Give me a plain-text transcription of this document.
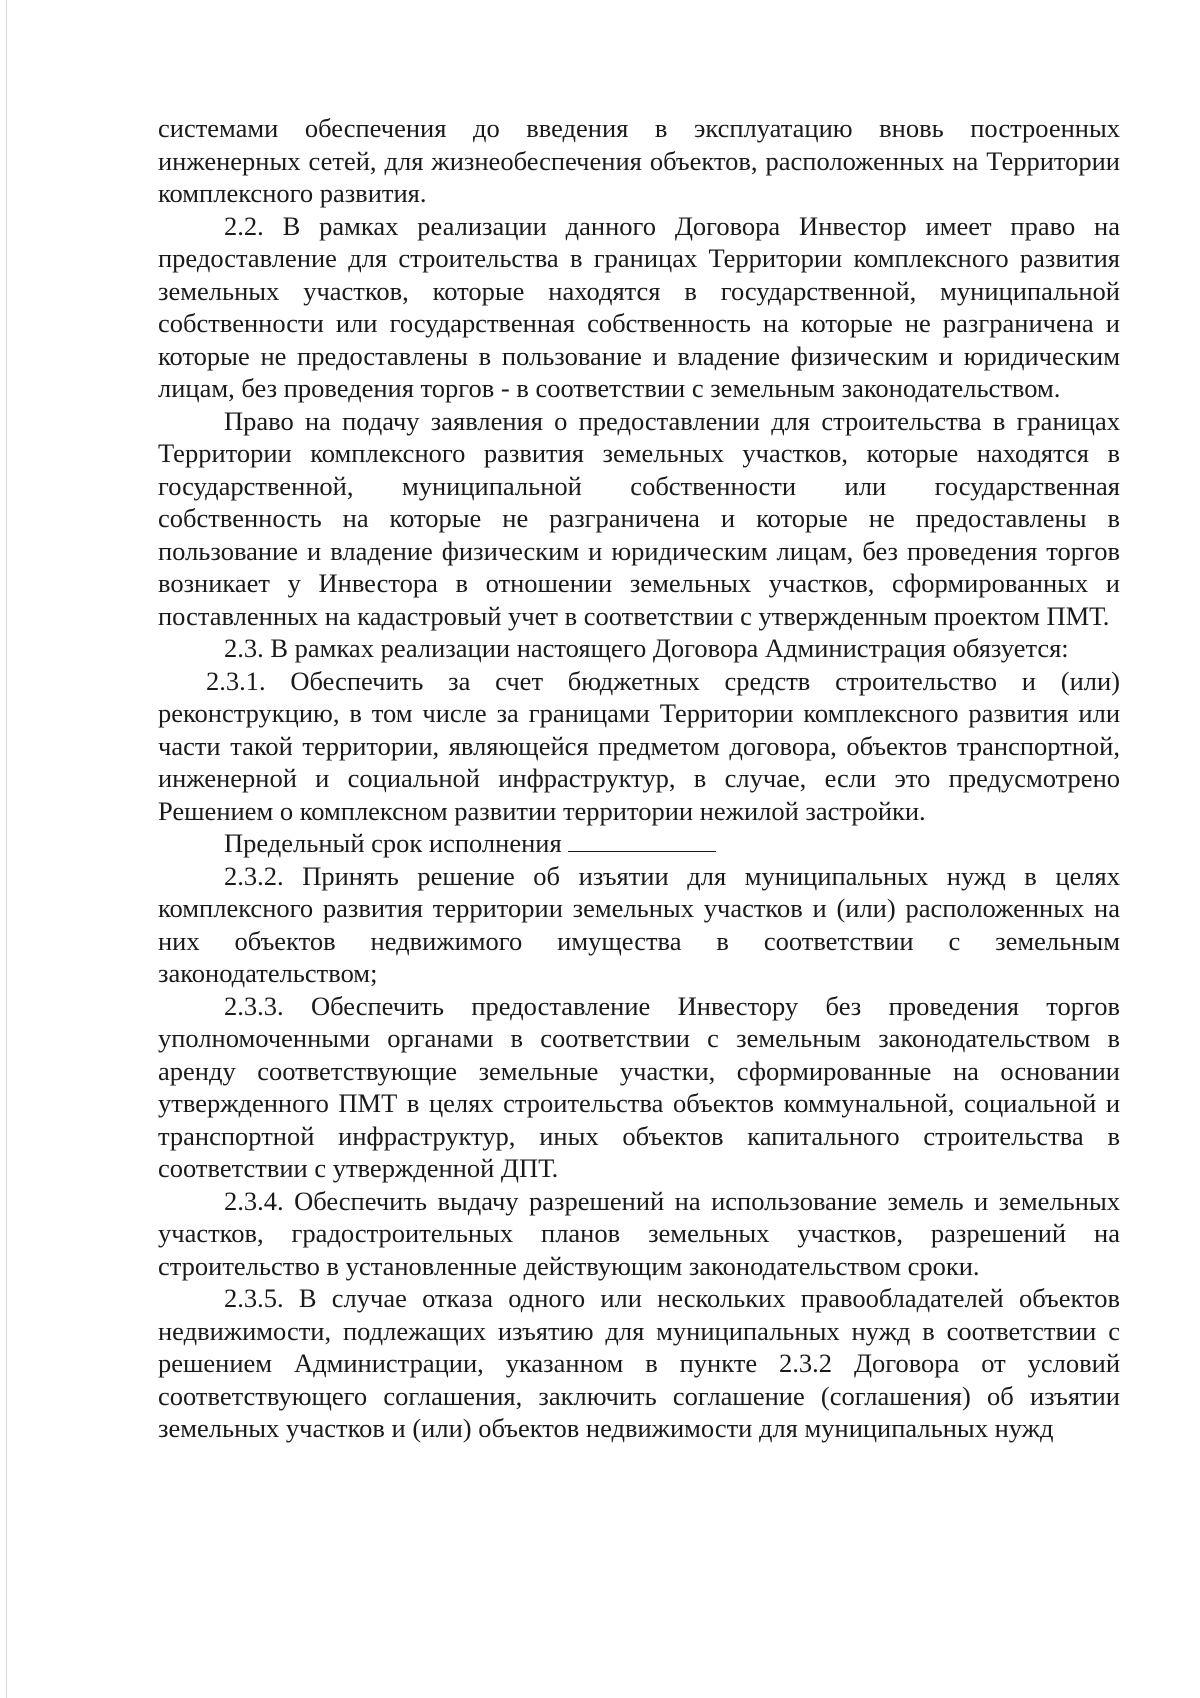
системами обеспечения до введения в эксплуатацию вновь построенных инженерных сетей, для жизнеобеспечения объектов, расположенных на Территории комплексного развития.

2.2. В рамках реализации данного Договора Инвестор имеет право на предоставление для строительства в границах Территории комплексного развития земельных участков, которые находятся в государственной, муниципальной собственности или государственная собственность на которые не разграничена и которые не предоставлены в пользование и владение физическим и юридическим лицам, без проведения торгов - в соответствии с земельным законодательством.

Право на подачу заявления о предоставлении для строительства в границах Территории комплексного развития земельных участков, которые находятся в государственной, муниципальной собственности или государственная собственность на которые не разграничена и которые не предоставлены в пользование и владение физическим и юридическим лицам, без проведения торгов возникает у Инвестора в отношении земельных участков, сформированных и поставленных на кадастровый учет в соответствии с утвержденным проектом ПМТ.

2.3. В рамках реализации настоящего Договора Администрация обязуется:

2.3.1. Обеспечить за счет бюджетных средств строительство и (или) реконструкцию, в том числе за границами Территории комплексного развития или части такой территории, являющейся предметом договора, объектов транспортной, инженерной и социальной инфраструктур, в случае, если это предусмотрено Решением о комплексном развитии территории нежилой застройки.

Предельный срок исполнения

2.3.2. Принять решение об изъятии для муниципальных нужд в целях комплексного развития территории земельных участков и (или) расположенных на них объектов недвижимого имущества в соответствии с земельным законодательством;

2.3.3. Обеспечить предоставление Инвестору без проведения торгов уполномоченными органами в соответствии с земельным законодательством в аренду соответствующие земельные участки, сформированные на основании утвержденного ПМТ в целях строительства объектов коммунальной, социальной и транспортной инфраструктур, иных объектов капитального строительства в соответствии с утвержденной ДПТ.

2.3.4. Обеспечить выдачу разрешений на использование земель и земельных участков, градостроительных планов земельных участков, разрешений на строительство в установленные действующим законодательством сроки.

2.3.5. В случае отказа одного или нескольких правообладателей объектов недвижимости, подлежащих изъятию для муниципальных нужд в соответствии с решением Администрации, указанном в пункте 2.3.2 Договора от условий соответствующего соглашения, заключить соглашение (соглашения) об изъятии земельных участков и (или) объектов недвижимости для муниципальных нужд
